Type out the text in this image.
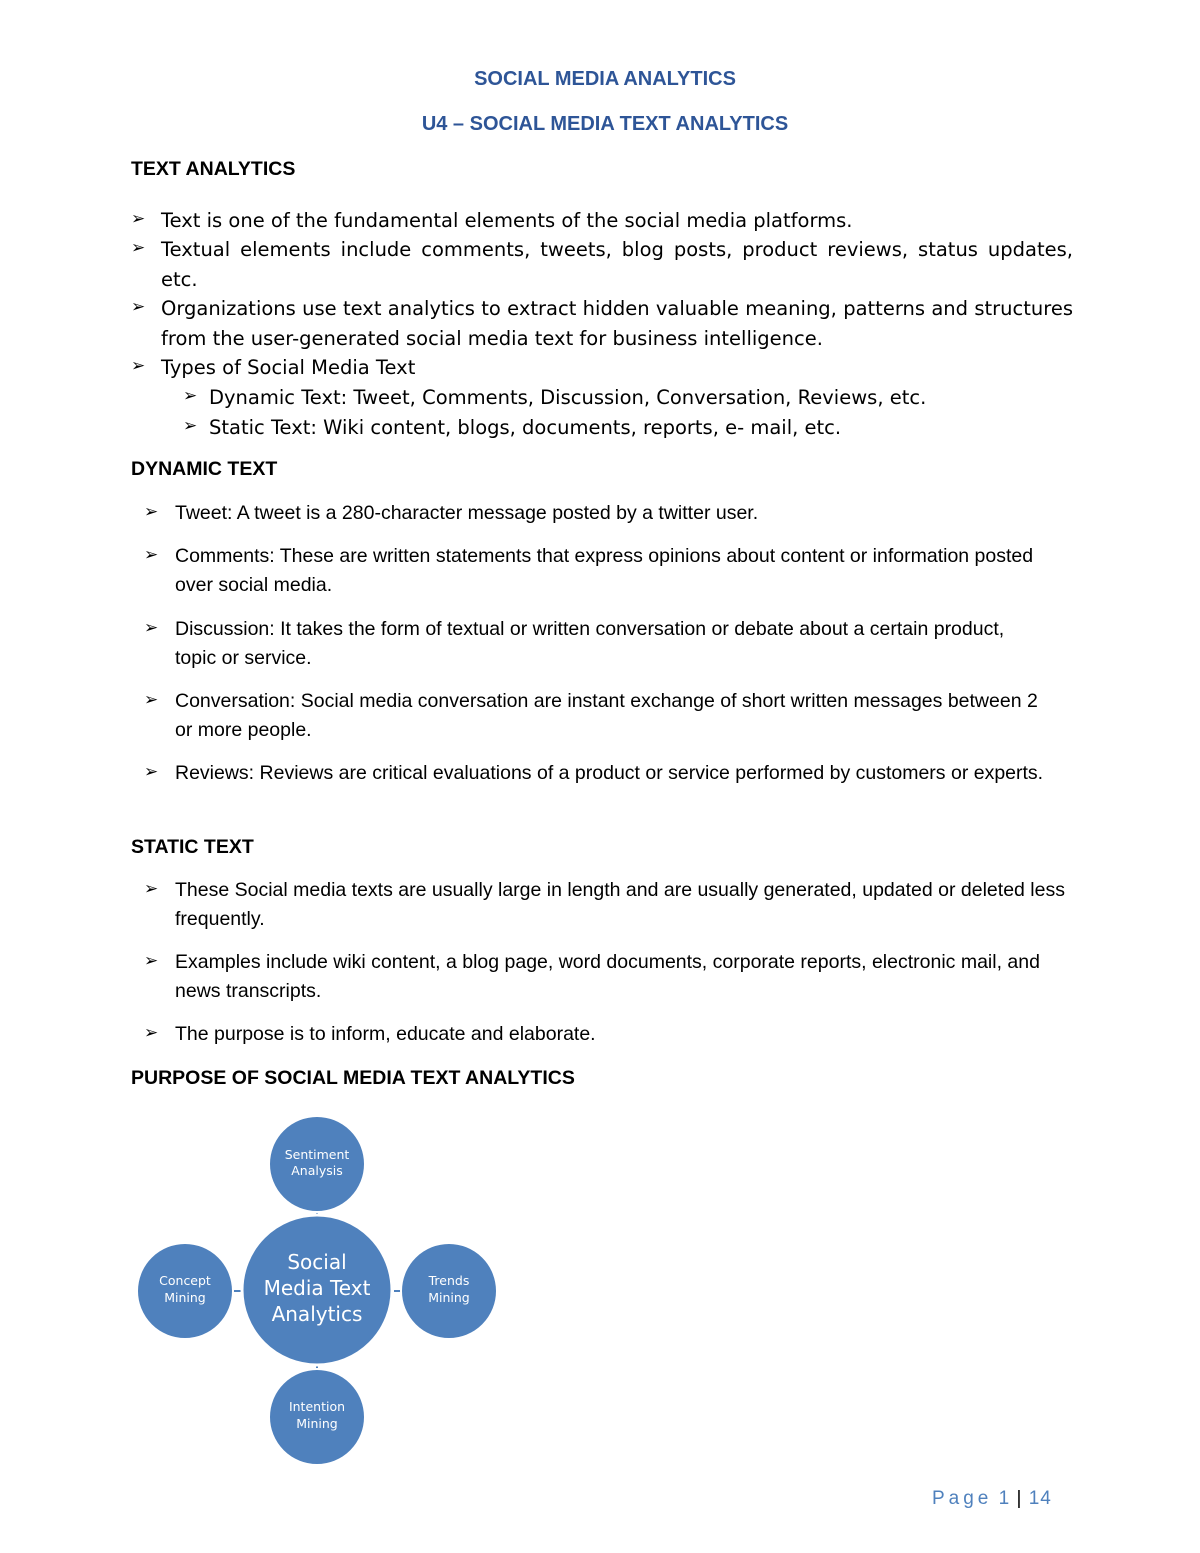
SOCIAL MEDIA ANALYTICS
U4 – SOCIAL MEDIA TEXT ANALYTICS
TEXT ANALYTICS
➢ Text is one of the fundamental elements of the social media platforms.

➢ Textual elements include comments, tweets, blog posts, product reviews, status updates, etc.

➢ Organizations use text analytics to extract hidden valuable meaning, patterns and structures from the user-generated social media text for business intelligence.

➢ Types of Social Media Text

➢ Dynamic Text: Tweet, Comments, Discussion, Conversation, Reviews, etc.

➢ Static Text: Wiki content, blogs, documents, reports, e- mail, etc.

DYNAMIC TEXT
➢ Tweet: A tweet is a 280-character message posted by a twitter user.

➢ Comments: These are written statements that express opinions about content or information posted over social media.

➢ Discussion: It takes the form of textual or written conversation or debate about a certain product, topic or service.

➢ Conversation: Social media conversation are instant exchange of short written messages between 2 or more people.

➢ Reviews: Reviews are critical evaluations of a product or service performed by customers or experts.

STATIC TEXT
➢ These Social media texts are usually large in length and are usually generated, updated or deleted less frequently.

➢ Examples include wiki content, a blog page, word documents, corporate reports, electronic mail, and news transcripts.

➢ The purpose is to inform, educate and elaborate.

PURPOSE OF SOCIAL MEDIA TEXT ANALYTICS
Social
Media Text
Analytics
Sentiment
Analysis
Trends
Mining
Intention
Mining
Concept
Mining
Page 1 | 14
